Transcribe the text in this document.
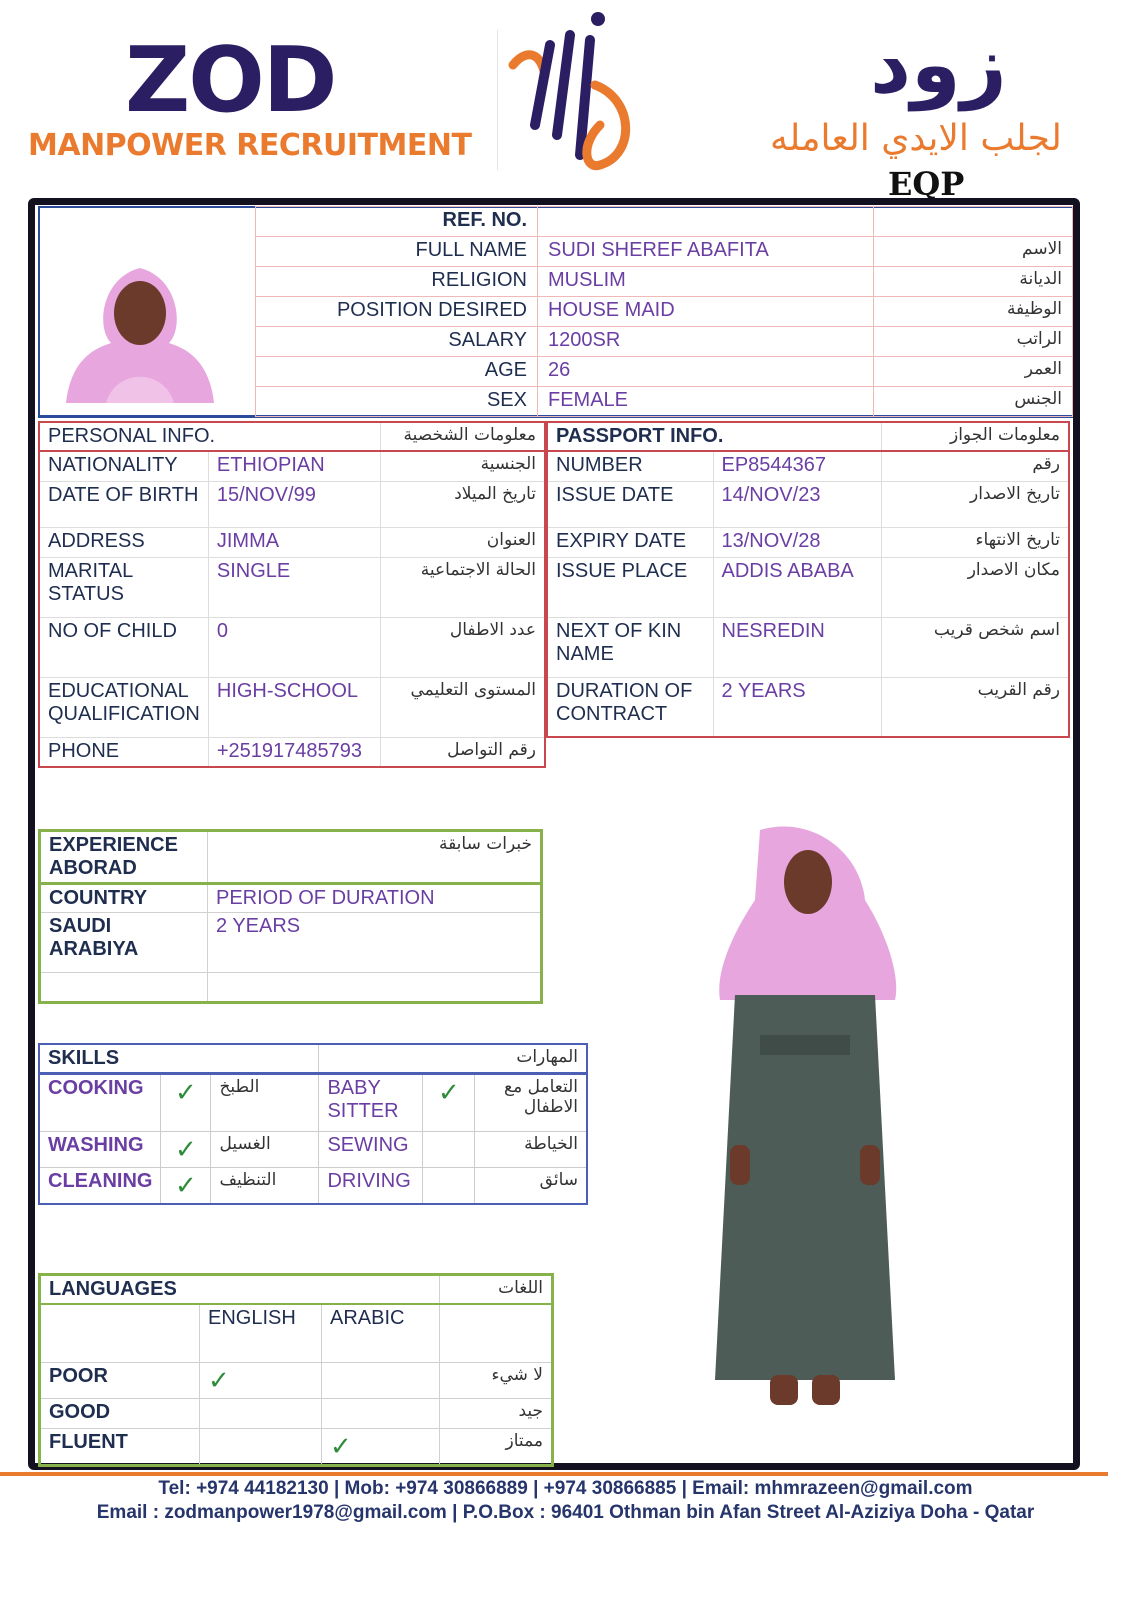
ZOD
MANPOWER RECRUITMENT
زود
لجلب الايدي العامله
EQP
REF. NO.		
FULL NAME	SUDI SHEREF ABAFITA	الاسم
RELIGION	MUSLIM	الديانة
POSITION DESIRED	HOUSE MAID	الوظيفة
SALARY	1200SR	الراتب
AGE	26	العمر
SEX	FEMALE	الجنس
PERSONAL INFO.		معلومات الشخصية
NATIONALITY	ETHIOPIAN	الجنسية
DATE OF BIRTH	15/NOV/99	تاريخ الميلاد
ADDRESS	JIMMA	العنوان
MARITAL STATUS	SINGLE	الحالة الاجتماعية
NO OF CHILD	0	عدد الاطفال
EDUCATIONAL QUALIFICATION	HIGH-SCHOOL	المستوى التعليمي
PHONE	+251917485793	رقم التواصل
PASSPORT INFO.		معلومات الجواز
NUMBER	EP8544367	رقم
ISSUE DATE	14/NOV/23	تاريخ الاصدار
EXPIRY DATE	13/NOV/28	تاريخ الانتهاء
ISSUE PLACE	ADDIS ABABA	مكان الاصدار
NEXT OF KIN NAME	NESREDIN	اسم شخص قريب
DURATION OF CONTRACT	2 YEARS	رقم القريب
EXPERIENCE ABORAD	خبرات سابقة
COUNTRY	PERIOD OF DURATION
SAUDI ARABIYA	2 YEARS

SKILLS			المهارات		
COOKING	✓	الطبخ	BABY SITTER	✓	التعامل مع الاطفال
WASHING	✓	الغسيل	SEWING		الخياطة
CLEANING	✓	التنظيف	DRIVING		سائق
LANGUAGES			اللغات
	ENGLISH	ARABIC	
POOR	✓		لا شيء
GOOD			جيد
FLUENT		✓	ممتاز
Tel: +974 44182130 | Mob: +974 30866889 | +974 30866885 | Email: mhmrazeen@gmail.com
Email : zodmanpower1978@gmail.com | P.O.Box : 96401 Othman bin Afan Street Al-Aziziya Doha - Qatar
